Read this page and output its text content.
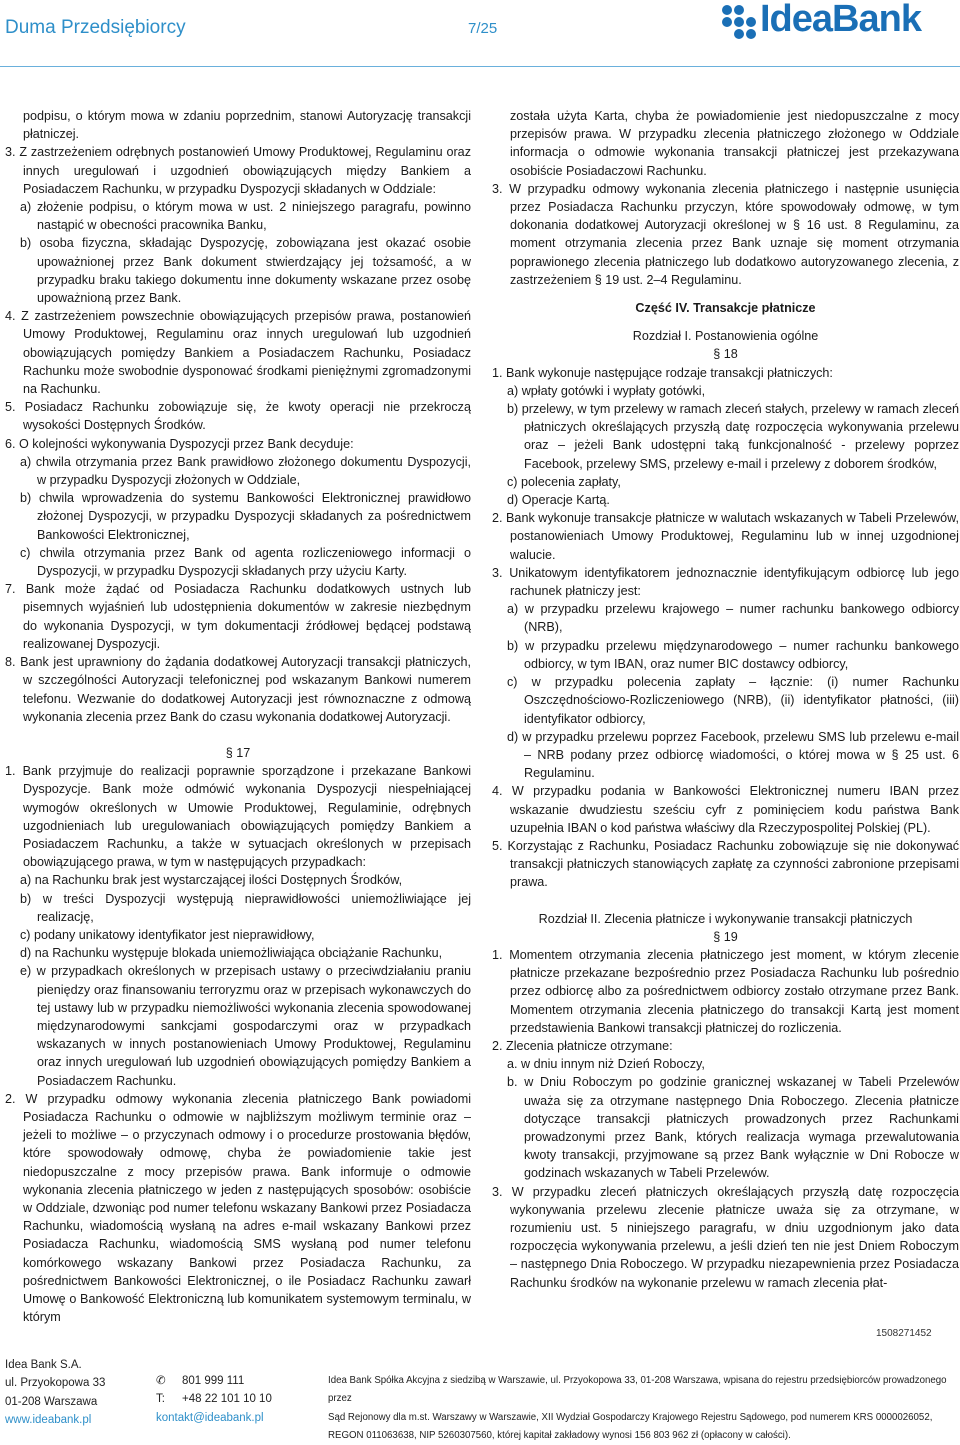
Duma Przedsiębiorcy	7/25	IdeaBank

podpisu, o którym mowa w zdaniu poprzednim, stanowi Autoryzację transakcji płatniczej.

3. Z zastrzeżeniem odrębnych postanowień Umowy Produktowej, Regulaminu oraz innych uregulowań i uzgodnień obowiązujących między Bankiem a Posiadaczem Rachunku, w przypadku Dyspozycji składanych w Oddziale:

a) złożenie podpisu, o którym mowa w ust. 2 niniejszego paragrafu, powinno nastąpić w obecności pracownika Banku,

b) osoba fizyczna, składając Dyspozycję, zobowiązana jest okazać osobie upoważnionej przez Bank dokument stwierdzający jej tożsamość, a w przypadku braku takiego dokumentu inne dokumenty wskazane przez osobę upoważnioną przez Bank.

4. Z zastrzeżeniem powszechnie obowiązujących przepisów prawa, postanowień Umowy Produktowej, Regulaminu oraz innych uregulowań lub uzgodnień obowiązujących pomiędzy Bankiem a Posiadaczem Rachunku, Posiadacz Rachunku może swobodnie dysponować środkami pieniężnymi zgromadzonymi na Rachunku.

5. Posiadacz Rachunku zobowiązuje się, że kwoty operacji nie przekroczą wysokości Dostępnych Środków.

6. O kolejności wykonywania Dyspozycji przez Bank decyduje:

a) chwila otrzymania przez Bank prawidłowo złożonego dokumentu Dyspozycji, w przypadku Dyspozycji złożonych w Oddziale,

b) chwila wprowadzenia do systemu Bankowości Elektronicznej prawidłowo złożonej Dyspozycji, w przypadku Dyspozycji składanych za pośrednictwem Bankowości Elektronicznej,

c) chwila otrzymania przez Bank od agenta rozliczeniowego informacji o Dyspozycji, w przypadku Dyspozycji składanych przy użyciu Karty.

7. Bank może żądać od Posiadacza Rachunku dodatkowych ustnych lub pisemnych wyjaśnień lub udostępnienia dokumentów w zakresie niezbędnym do wykonania Dyspozycji, w tym dokumentacji źródłowej będącej podstawą realizowanej Dyspozycji.

8. Bank jest uprawniony do żądania dodatkowej Autoryzacji transakcji płatniczych, w szczególności Autoryzacji telefonicznej pod wskazanym Bankowi numerem telefonu. Wezwanie do dodatkowej Autoryzacji jest równoznaczne z odmową wykonania zlecenia przez Bank do czasu wykonania dodatkowej Autoryzacji.

§ 17

1. Bank przyjmuje do realizacji poprawnie sporządzone i przekazane Bankowi Dyspozycje. Bank może odmówić wykonania Dyspozycji niespełniającej wymogów określonych w Umowie Produktowej, Regulaminie, odrębnych uzgodnieniach lub uregulowaniach obowiązujących pomiędzy Bankiem a Posiadaczem Rachunku, a także w sytuacjach określonych w przepisach obowiązującego prawa, w tym w następujących przypadkach:

a) na Rachunku brak jest wystarczającej ilości Dostępnych Środków,

b) w treści Dyspozycji występują nieprawidłowości uniemożliwiające jej realizację,

c) podany unikatowy identyfikator jest nieprawidłowy,

d) na Rachunku występuje blokada uniemożliwiająca obciążanie Rachunku,

e) w przypadkach określonych w przepisach ustawy o przeciwdziałaniu praniu pieniędzy oraz finansowaniu terroryzmu oraz w przepisach wykonawczych do tej ustawy lub w przypadku niemożliwości wykonania zlecenia spowodowanej międzynarodowymi sankcjami gospodarczymi oraz w przypadkach wskazanych w innych postanowieniach Umowy Produktowej, Regulaminu oraz innych uregulowań lub uzgodnień obowiązujących pomiędzy Bankiem a Posiadaczem Rachunku.

2. W przypadku odmowy wykonania zlecenia płatniczego Bank powiadomi Posiadacza Rachunku o odmowie w najbliższym możliwym terminie oraz – jeżeli to możliwe – o przyczynach odmowy i o procedurze prostowania błędów, które spowodowały odmowę, chyba że powiadomienie takie jest niedopuszczalne z mocy przepisów prawa. Bank informuje o odmowie wykonania zlecenia płatniczego w jeden z następujących sposobów: osobiście w Oddziale, dzwoniąc pod numer telefonu wskazany Bankowi przez Posiadacza Rachunku, wiadomością wysłaną na adres e-mail wskazany Bankowi przez Posiadacza Rachunku, wiadomością SMS wysłaną pod numer telefonu komórkowego wskazany Bankowi przez Posiadacza Rachunku, za pośrednictwem Bankowości Elektronicznej, o ile Posiadacz Rachunku zawarł Umowę o Bankowość Elektroniczną lub komunikatem systemowym terminalu, w którym

została użyta Karta, chyba że powiadomienie jest niedopuszczalne z mocy przepisów prawa. W przypadku zlecenia płatniczego złożonego w Oddziale informacja o odmowie wykonania transakcji płatniczej jest przekazywana osobiście Posiadaczowi Rachunku.

3. W przypadku odmowy wykonania zlecenia płatniczego i następnie usunięcia przez Posiadacza Rachunku przyczyn, które spowodowały odmowę, w tym dokonania dodatkowej Autoryzacji określonej w § 16 ust. 8 Regulaminu, za moment otrzymania zlecenia przez Bank uznaje się moment otrzymania poprawionego zlecenia płatniczego lub dodatkowo autoryzowanego zlecenia, z zastrzeżeniem § 19 ust. 2–4 Regulaminu.

Część IV. Transakcje płatnicze

Rozdział I. Postanowienia ogólne

§ 18

1. Bank wykonuje następujące rodzaje transakcji płatniczych:

a) wpłaty gotówki i wypłaty gotówki,

b) przelewy, w tym przelewy w ramach zleceń stałych, przelewy w ramach zleceń płatniczych określających przyszłą datę rozpoczęcia wykonywania przelewu oraz – jeżeli Bank udostępni taką funkcjonalność - przelewy poprzez Facebook, przelewy SMS, przelewy e-mail i przelewy z doborem środków,

c) polecenia zapłaty,

d) Operacje Kartą.

2. Bank wykonuje transakcje płatnicze w walutach wskazanych w Tabeli Przelewów, postanowieniach Umowy Produktowej, Regulaminu lub w innej uzgodnionej walucie.

3. Unikatowym identyfikatorem jednoznacznie identyfikującym odbiorcę lub jego rachunek płatniczy jest:

a) w przypadku przelewu krajowego – numer rachunku bankowego odbiorcy (NRB),

b) w przypadku przelewu międzynarodowego – numer rachunku bankowego odbiorcy, w tym IBAN, oraz numer BIC dostawcy odbiorcy,

c) w przypadku polecenia zapłaty – łącznie: (i) numer Rachunku Oszczędnościowo-Rozliczeniowego (NRB), (ii) identyfikator płatności, (iii) identyfikator odbiorcy,

d) w przypadku przelewu poprzez Facebook, przelewu SMS lub przelewu e-mail – NRB podany przez odbiorcę wiadomości, o której mowa w § 25 ust. 6 Regulaminu.

4. W przypadku podania w Bankowości Elektronicznej numeru IBAN przez wskazanie dwudziestu sześciu cyfr z pominięciem kodu państwa Bank uzupełnia IBAN o kod państwa właściwy dla Rzeczypospolitej Polskiej (PL).

5. Korzystając z Rachunku, Posiadacz Rachunku zobowiązuje się nie dokonywać transakcji płatniczych stanowiących zapłatę za czynności zabronione przepisami prawa.

Rozdział II. Zlecenia płatnicze i wykonywanie transakcji płatniczych

§ 19

1. Momentem otrzymania zlecenia płatniczego jest moment, w którym zlecenie płatnicze przekazane bezpośrednio przez Posiadacza Rachunku lub pośrednio przez odbiorcę albo za pośrednictwem odbiorcy zostało otrzymane przez Bank. Momentem otrzymania zlecenia płatniczego do transakcji Kartą jest moment przedstawienia Bankowi transakcji płatniczej do rozliczenia.

2. Zlecenia płatnicze otrzymane:

a. w dniu innym niż Dzień Roboczy,

b. w Dniu Roboczym po godzinie granicznej wskazanej w Tabeli Przelewów uważa się za otrzymane następnego Dnia Roboczego. Zlecenia płatnicze dotyczące transakcji płatniczych prowadzonych przez Rachunkami prowadzonymi przez Bank, których realizacja wymaga przewalutowania kwoty transakcji, przyjmowane są przez Bank wyłącznie w Dni Robocze w godzinach wskazanych w Tabeli Przelewów.

3. W przypadku zleceń płatniczych określających przyszłą datę rozpoczęcia wykonywania przelewu zlecenie płatnicze uważa się za otrzymane, w rozumieniu ust. 5 niniejszego paragrafu, w dniu uzgodnionym jako data rozpoczęcia wykonywania przelewu, a jeśli dzień ten nie jest Dniem Roboczym – następnego Dnia Roboczego. W przypadku niezapewnienia przez Posiadacza Rachunku środków na wykonanie przelewu w ramach zlecenia płat-

1508271452
Idea Bank S.A.
ul. Przyokopowa 33
01-208 Warszawa
www.ideabank.pl
✆ 801 999 111
T: +48 22 101 10 10
kontakt@ideabank.pl
Idea Bank Spółka Akcyjna z siedzibą w Warszawie, ul. Przyokopowa 33, 01-208 Warszawa, wpisana do rejestru przedsiębiorców prowadzonego przez
Sąd Rejonowy dla m.st. Warszawy w Warszawie, XII Wydział Gospodarczy Krajowego Rejestru Sądowego, pod numerem KRS 0000026052,
REGON 011063638, NIP 5260307560, której kapitał zakładowy wynosi 156 803 962 zł (opłacony w całości).
